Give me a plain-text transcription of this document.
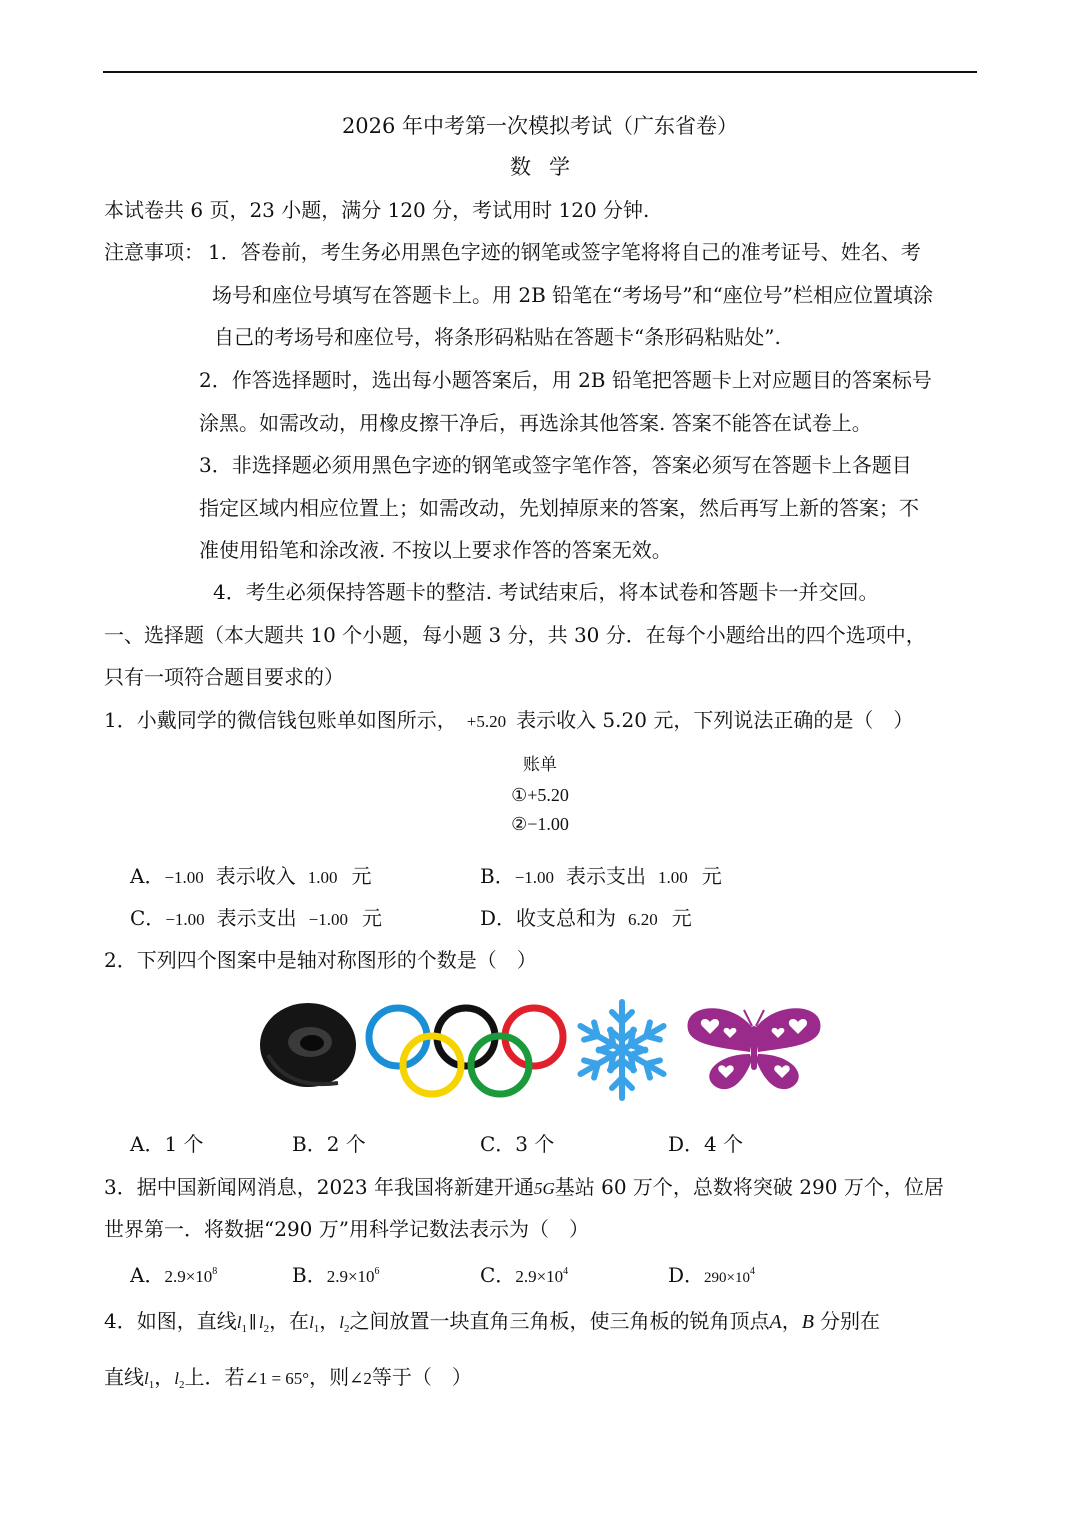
2026 年中考第一次模拟考试（广东省卷）
数学
本试卷共 6 页，23 小题，满分 120 分，考试用时 120 分钟.
注意事项： 1．答卷前，考生务必用黑色字迹的钢笔或签字笔将将自己的准考证号、姓名、考
场号和座位号填写在答题卡上。用 2B 铅笔在“考场号”和“座位号”栏相应位置填涂
自己的考场号和座位号，将条形码粘贴在答题卡“条形码粘贴处”.
2．作答选择题时，选出每小题答案后，用 2B 铅笔把答题卡上对应题目的答案标号
涂黑。如需改动，用橡皮擦干净后，再选涂其他答案. 答案不能答在试卷上。
3．非选择题必须用黑色字迹的钢笔或签字笔作答，答案必须写在答题卡上各题目
指定区域内相应位置上；如需改动，先划掉原来的答案，然后再写上新的答案；不
准使用铅笔和涂改液. 不按以上要求作答的答案无效。
4．考生必须保持答题卡的整洁. 考试结束后，将本试卷和答题卡一并交回。
一、选择题（本大题共 10 个小题，每小题 3 分，共 30 分．在每个小题给出的四个选项中，
只有一项符合题目要求的）
1．小戴同学的微信钱包账单如图所示， +5.20 表示收入 5.20 元，下列说法正确的是（　）
账单
①+5.20
②−1.00
A．−1.00 表示收入 1.00 元	B．−1.00 表示支出 1.00 元
C．−1.00 表示支出 −1.00 元	D．收支总和为 6.20 元
2．下列四个图案中是轴对称图形的个数是（　）
A．1 个	B．2 个	C．3 个	D．4 个
3．据中国新闻网消息，2023 年我国将新建开通5G基站 60 万个，总数将突破 290 万个，位居
世界第一．将数据“290 万”用科学记数法表示为（　）
A．$2.9\times 10^8$	B．$2.9\times 10^6$	C．$2.9\times 10^4$	D．$290\times 10^4$
4．如图，直线$l_1$ ∥ $l_2$，在$l_1$，$l_2$之间放置一块直角三角板，使三角板的锐角顶点A，B 分别在
直线$l_1$，$l_2$上．若∠1 = 65°，则∠2等于（　）
